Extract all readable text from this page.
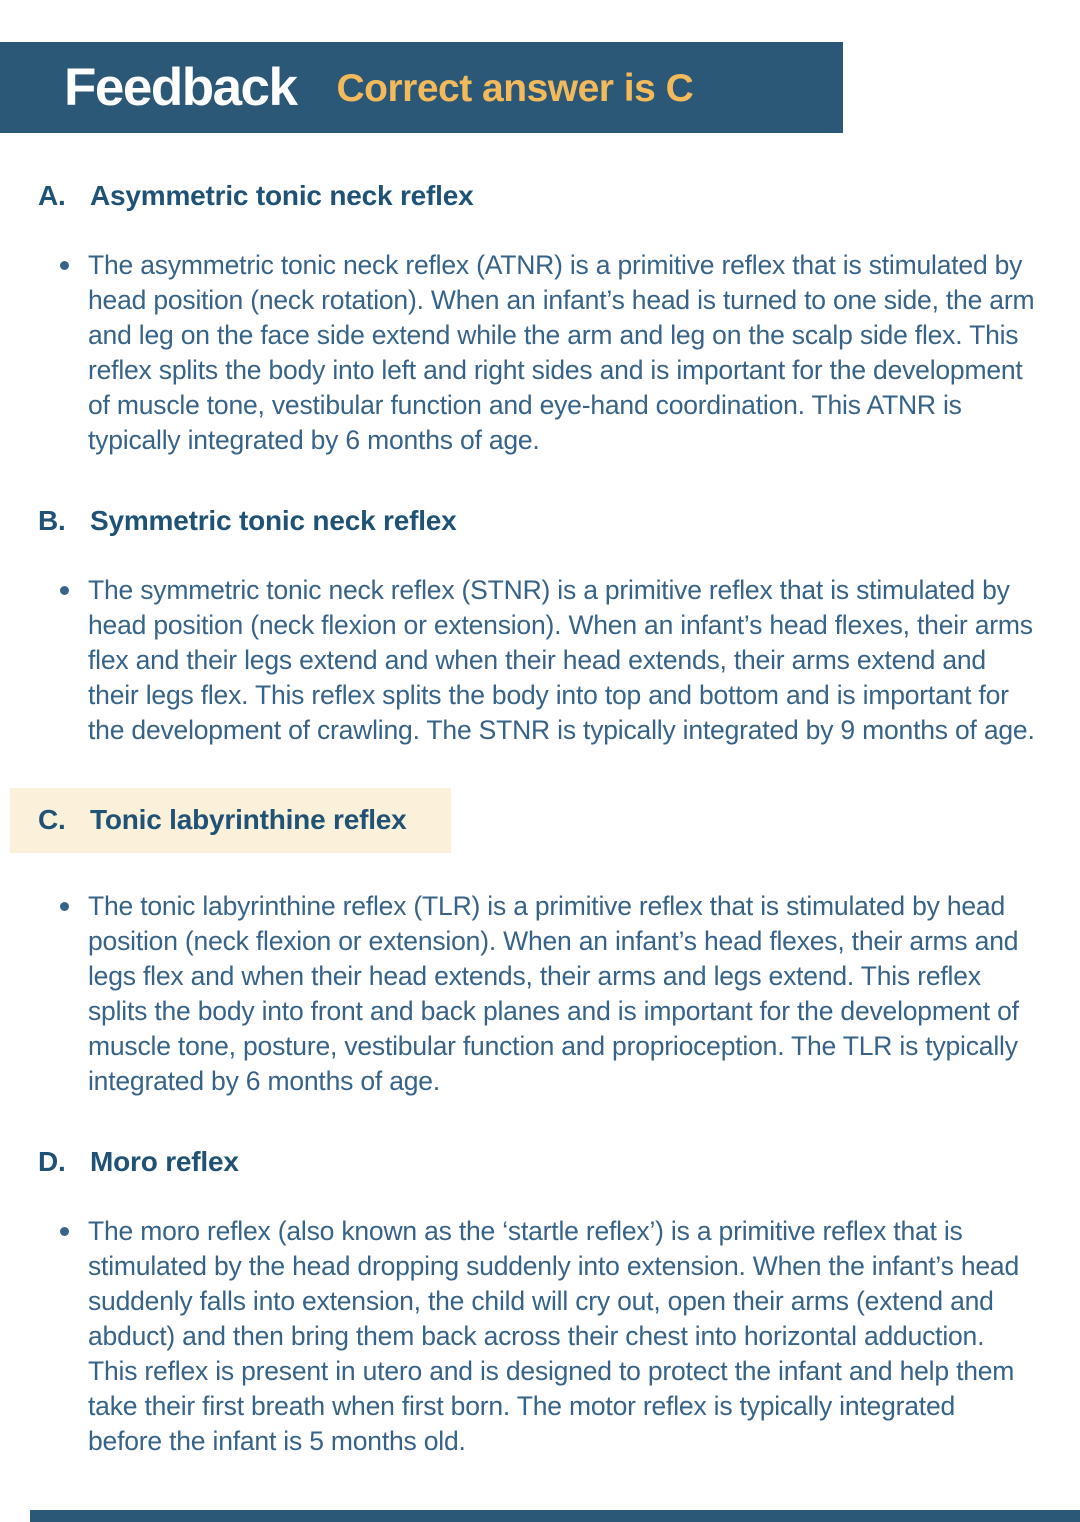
Feedback Correct answer is C
A. Asymmetric tonic neck reflex

The asymmetric tonic neck reflex (ATNR) is a primitive reflex that is stimulated by head position (neck rotation). When an infant’s head is turned to one side, the arm and leg on the face side extend while the arm and leg on the scalp side flex. This reflex splits the body into left and right sides and is important for the development of muscle tone, vestibular function and eye-hand coordination. This ATNR is typically integrated by 6 months of age.

B. Symmetric tonic neck reflex

The symmetric tonic neck reflex (STNR) is a primitive reflex that is stimulated by head position (neck flexion or extension). When an infant’s head flexes, their arms flex and their legs extend and when their head extends, their arms extend and their legs flex. This reflex splits the body into top and bottom and is important for the development of crawling. The STNR is typically integrated by 9 months of age.

C. Tonic labyrinthine reflex

The tonic labyrinthine reflex (TLR) is a primitive reflex that is stimulated by head position (neck flexion or extension). When an infant’s head flexes, their arms and legs flex and when their head extends, their arms and legs extend. This reflex splits the body into front and back planes and is important for the development of muscle tone, posture, vestibular function and proprioception. The TLR is typically integrated by 6 months of age.

D. Moro reflex

The moro reflex (also known as the ‘startle reflex’) is a primitive reflex that is stimulated by the head dropping suddenly into extension. When the infant’s head suddenly falls into extension, the child will cry out, open their arms (extend and abduct) and then bring them back across their chest into horizontal adduction. This reflex is present in utero and is designed to protect the infant and help them take their first breath when first born. The motor reflex is typically integrated before the infant is 5 months old.
